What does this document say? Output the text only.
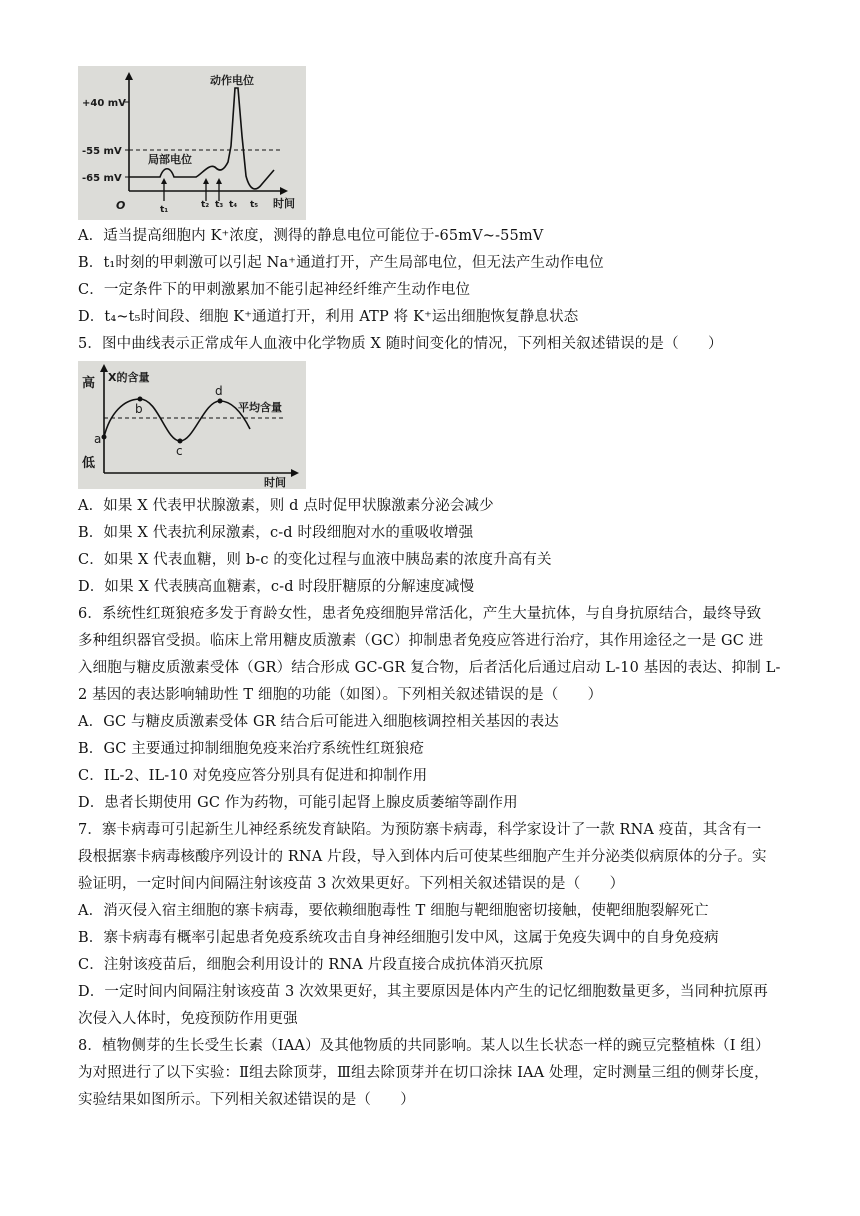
+40 mV
-55 mV
-65 mV
动作电位
局部电位
O	t₁	t₂ t₃ t₄ t₅ 时间
A．适当提高细胞内 K⁺浓度，测得的静息电位可能位于-65mV~-55mV
B．t₁时刻的甲刺激可以引起 Na⁺通道打开，产生局部电位，但无法产生动作电位
C．一定条件下的甲刺激累加不能引起神经纤维产生动作电位
D．t₄~t₅时间段、细胞 K⁺通道打开，利用 ATP 将 K⁺运出细胞恢复静息状态
5．图中曲线表示正常成年人血液中化学物质 X 随时间变化的情况，下列相关叙述错误的是（　　）
高
低
X的含量
平均含量
a
b
c
d
时间
A．如果 X 代表甲状腺激素，则 d 点时促甲状腺激素分泌会减少
B．如果 X 代表抗利尿激素，c-d 时段细胞对水的重吸收增强
C．如果 X 代表血糖，则 b-c 的变化过程与血液中胰岛素的浓度升高有关
D．如果 X 代表胰高血糖素，c-d 时段肝糖原的分解速度减慢
6．系统性红斑狼疮多发于育龄女性，患者免疫细胞异常活化，产生大量抗体，与自身抗原结合，最终导致
多种组织器官受损。临床上常用糖皮质激素（GC）抑制患者免疫应答进行治疗，其作用途径之一是 GC 进
入细胞与糖皮质激素受体（GR）结合形成 GC-GR 复合物，后者活化后通过启动 L-10 基因的表达、抑制 L-
2 基因的表达影响辅助性 T 细胞的功能（如图）。下列相关叙述错误的是（　　）
A．GC 与糖皮质激素受体 GR 结合后可能进入细胞核调控相关基因的表达
B．GC 主要通过抑制细胞免疫来治疗系统性红斑狼疮
C．IL-2、IL-10 对免疫应答分别具有促进和抑制作用
D．患者长期使用 GC 作为药物，可能引起肾上腺皮质萎缩等副作用
7．寨卡病毒可引起新生儿神经系统发育缺陷。为预防寨卡病毒，科学家设计了一款 RNA 疫苗，其含有一
段根据寨卡病毒核酸序列设计的 RNA 片段，导入到体内后可使某些细胞产生并分泌类似病原体的分子。实
验证明，一定时间内间隔注射该疫苗 3 次效果更好。下列相关叙述错误的是（　　）
A．消灭侵入宿主细胞的寨卡病毒，要依赖细胞毒性 T 细胞与靶细胞密切接触，使靶细胞裂解死亡
B．寨卡病毒有概率引起患者免疫系统攻击自身神经细胞引发中风，这属于免疫失调中的自身免疫病
C．注射该疫苗后，细胞会利用设计的 RNA 片段直接合成抗体消灭抗原
D．一定时间内间隔注射该疫苗 3 次效果更好，其主要原因是体内产生的记忆细胞数量更多，当同种抗原再
次侵入人体时，免疫预防作用更强
8．植物侧芽的生长受生长素（IAA）及其他物质的共同影响。某人以生长状态一样的豌豆完整植株（I 组）
为对照进行了以下实验：Ⅱ组去除顶芽，Ⅲ组去除顶芽并在切口涂抹 IAA 处理，定时测量三组的侧芽长度，
实验结果如图所示。下列相关叙述错误的是（　　）
